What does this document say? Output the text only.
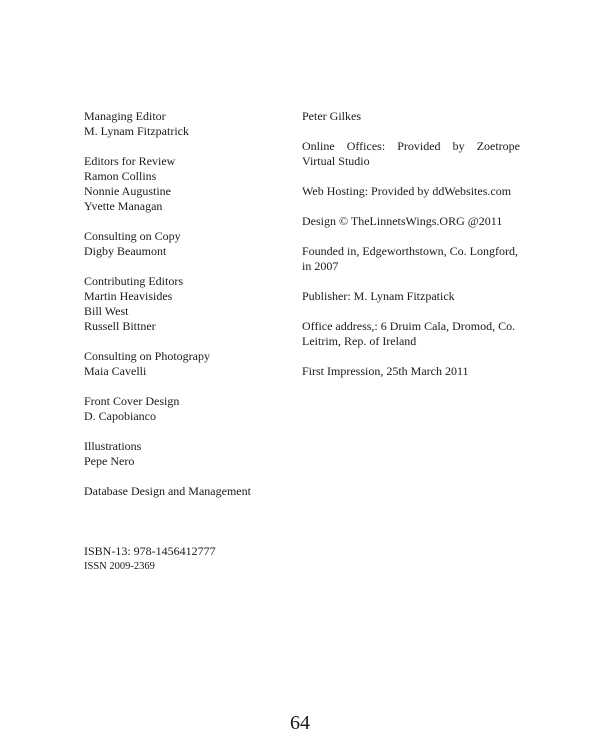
Managing Editor
M. Lynam Fitzpatrick
Editors for Review
Ramon Collins
Nonnie Augustine
Yvette Managan
Consulting on Copy
Digby Beaumont
Contributing Editors
Martin Heavisides
Bill West
Russell Bittner
Consulting on Photograpy
Maia Cavelli
Front Cover Design
D. Capobianco
Illustrations
Pepe Nero
Database Design and Management
Peter Gilkes
Online Offices: Provided by Zoetrope
Virtual Studio
Web Hosting: Provided by ddWebsites.com
Design © TheLinnetsWings.ORG @2011
Founded in, Edgeworthstown, Co. Longford,
in 2007
Publisher: M. Lynam Fitzpatick
Office address,: 6 Druim Cala, Dromod, Co.
Leitrim, Rep. of Ireland
First Impression, 25th March 2011
ISBN-13: 978-1456412777
ISSN 2009-2369
64
